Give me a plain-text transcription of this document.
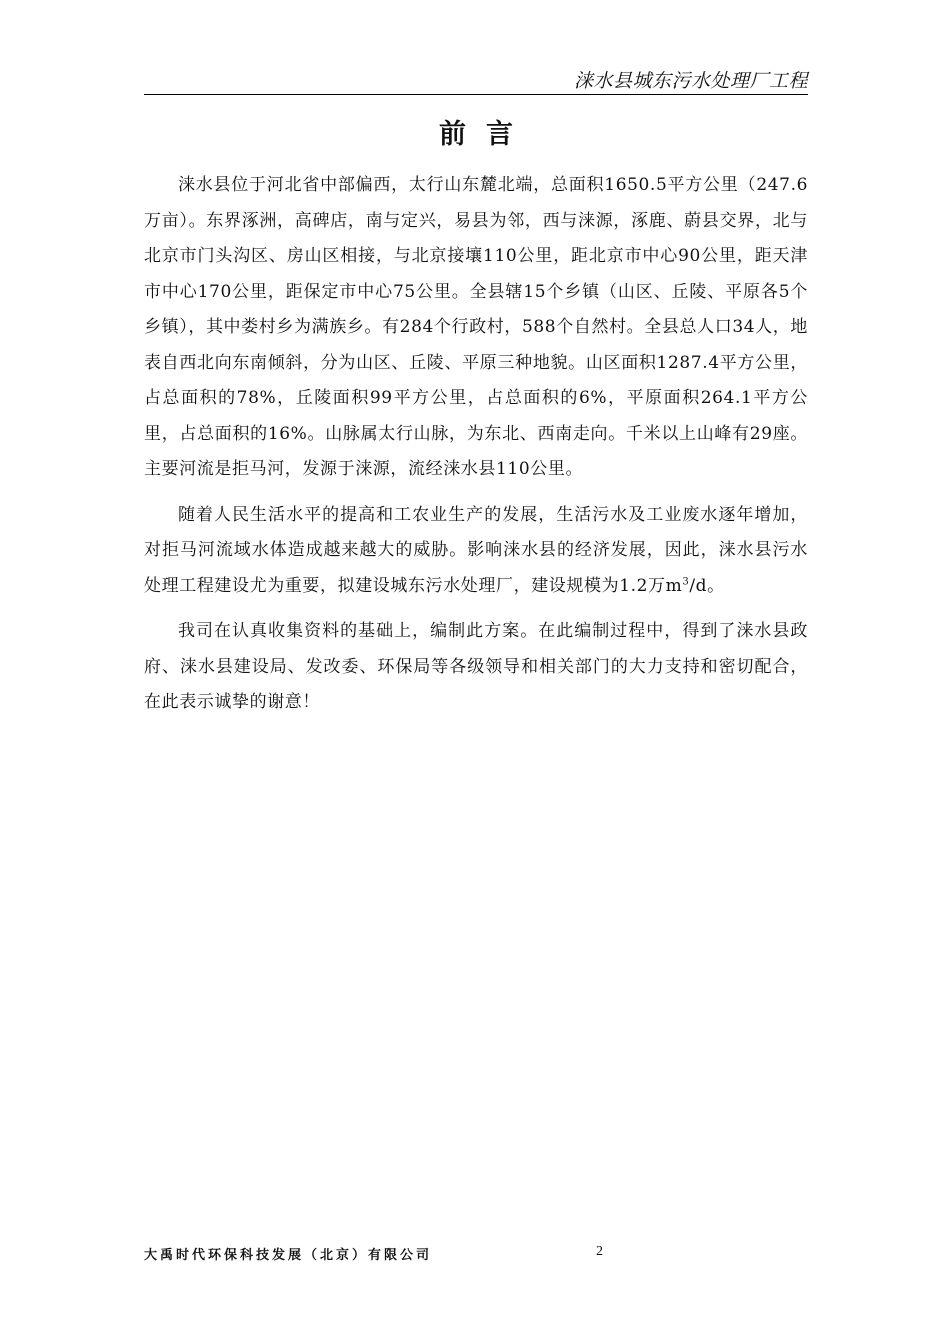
涞水县城东污水处理厂工程
前言

涞水县位于河北省中部偏西，太行山东麓北端，总面积1650.5平方公里（247.6万亩）。东界涿洲，高碑店，南与定兴，易县为邻，西与涞源，涿鹿、蔚县交界，北与北京市门头沟区、房山区相接，与北京接壤110公里，距北京市中心90公里，距天津市中心170公里，距保定市中心75公里。全县辖15个乡镇（山区、丘陵、平原各5个乡镇），其中娄村乡为满族乡。有284个行政村，588个自然村。全县总人口34人，地表自西北向东南倾斜，分为山区、丘陵、平原三种地貌。山区面积1287.4平方公里，占总面积的78%，丘陵面积99平方公里，占总面积的6%，平原面积264.1平方公里，占总面积的16%。山脉属太行山脉，为东北、西南走向。千米以上山峰有29座。主要河流是拒马河，发源于涞源，流经涞水县110公里。

随着人民生活水平的提高和工农业生产的发展，生活污水及工业废水逐年增加，对拒马河流域水体造成越来越大的威胁。影响涞水县的经济发展，因此，涞水县污水处理工程建设尤为重要，拟建设城东污水处理厂，建设规模为1.2万$m^3/d$。

我司在认真收集资料的基础上，编制此方案。在此编制过程中，得到了涞水县政府、涞水县建设局、发改委、环保局等各级领导和相关部门的大力支持和密切配合，在此表示诚挚的谢意！

大禹时代环保科技发展（北京）有限公司	2
